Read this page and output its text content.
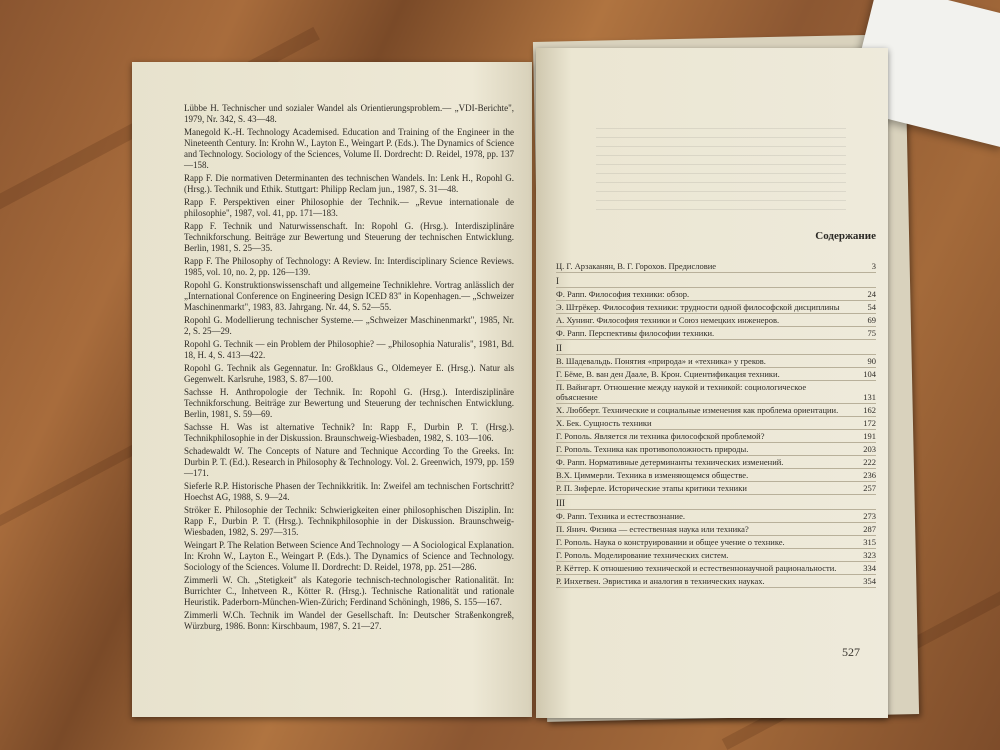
Lübbe H. Technischer und sozialer Wandel als Orientierungsproblem.— „VDI-Berichte", 1979, Nr. 342, S. 43—48.

Manegold K.-H. Technology Academised. Education and Training of the Engineer in the Nineteenth Century. In: Krohn W., Layton E., Weingart P. (Eds.). The Dynamics of Science and Technology. Sociology of the Sciences, Volume II. Dordrecht: D. Reidel, 1978, pp. 137—158.

Rapp F. Die normativen Determinanten des technischen Wandels. In: Lenk H., Ropohl G. (Hrsg.). Technik und Ethik. Stuttgart: Philipp Reclam jun., 1987, S. 31—48.

Rapp F. Perspektiven einer Philosophie der Technik.— „Revue internationale de philosophie", 1987, vol. 41, pp. 171—183.

Rapp F. Technik und Naturwissenschaft. In: Ropohl G. (Hrsg.). Interdisziplinäre Technikforschung. Beiträge zur Bewertung und Steuerung der technischen Entwicklung. Berlin, 1981, S. 25—35.

Rapp F. The Philosophy of Technology: A Review. In: Interdisciplinary Science Reviews. 1985, vol. 10, no. 2, pp. 126—139.

Ropohl G. Konstruktionswissenschaft und allgemeine Techniklehre. Vortrag anlässlich der „International Conference on Engineering Design ICED 83" in Kopenhagen.— „Schweizer Maschinenmarkt", 1983, 83. Jahrgang. Nr. 44, S. 52—55.

Ropohl G. Modellierung technischer Systeme.— „Schweizer Maschinenmarkt", 1985, Nr. 2, S. 25—29.

Ropohl G. Technik — ein Problem der Philosophie? — „Philosophia Naturalis", 1981, Bd. 18, H. 4, S. 413—422.

Ropohl G. Technik als Gegennatur. In: Großklaus G., Oldemeyer E. (Hrsg.). Natur als Gegenwelt. Karlsruhe, 1983, S. 87—100.

Sachsse H. Anthropologie der Technik. In: Ropohl G. (Hrsg.). Interdisziplinäre Technikforschung. Beiträge zur Bewertung und Steuerung der technischen Entwicklung. Berlin, 1981, S. 59—69.

Sachsse H. Was ist alternative Technik? In: Rapp F., Durbin P. T. (Hrsg.). Technikphilosophie in der Diskussion. Braunschweig-Wiesbaden, 1982, S. 103—106.

Schadewaldt W. The Concepts of Nature and Technique According To the Greeks. In: Durbin P. T. (Ed.). Research in Philosophy & Technology. Vol. 2. Greenwich, 1979, pp. 159—171.

Sieferle R.P. Historische Phasen der Technikkritik. In: Zweifel am technischen Fortschritt? Hoechst AG, 1988, S. 9—24.

Ströker E. Philosophie der Technik: Schwierigkeiten einer philosophischen Disziplin. In: Rapp F., Durbin P. T. (Hrsg.). Technikphilosophie in der Diskussion. Braunschweig-Wiesbaden, 1982, S. 297—315.

Weingart P. The Relation Between Science And Technology — A Sociological Explanation. In: Krohn W., Layton E., Weingart P. (Eds.). The Dynamics of Science and Technology. Sociology of the Sciences. Volume II. Dordrecht: D. Reidel, 1978, pp. 251—286.

Zimmerli W. Ch. „Stetigkeit" als Kategorie technisch-technologischer Rationalität. In: Burrichter C., Inhetveen R., Kötter R. (Hrsg.). Technische Rationalität und rationale Heuristik. Paderborn-München-Wien-Zürich; Ferdinand Schöningh, 1986, S. 155—167.

Zimmerli W.Ch. Technik im Wandel der Gesellschaft. In: Deutscher Straßenkongreß, Würzburg, 1986. Bonn: Kirschbaum, 1987, S. 21—27.

Содержание
Ц. Г. Арзаканян, В. Г. Горохов. Предисловие	3
I
Ф. Рапп. Философия техники: обзор.	24
Э. Штрёкер. Философия техники: трудности одной философской дисциплины	54
А. Хунинг. Философия техники и Союз немецких инженеров.	69
Ф. Рапп. Перспективы философии техники.	75
II
В. Шадевальдь. Понятия «природа» и «техника» у греков.	90
Г. Бёме, В. ван ден Даале, В. Крон. Сциентификация техники.	104
П. Вайнгарт. Отношение между наукой и техникой: социологическое объяснение	131
Х. Любберт. Технические и социальные изменения как проблема ориентации.	162
Х. Бек. Сущность техники	172
Г. Рополь. Является ли техника философской проблемой?	191
Г. Рополь. Техника как противоположность природы.	203
Ф. Рапп. Нормативные детерминанты технических изменений.	222
В.Х. Циммерли. Техника в изменяющемся обществе.	236
Р. П. Зиферле. Исторические этапы критики техники	257
III
Ф. Рапп. Техника и естествознание.	273
П. Янич. Физика — естественная наука или техника?	287
Г. Рополь. Наука о конструировании и общее учение о технике.	315
Г. Рополь. Моделирование технических систем.	323
Р. Кёттер. К отношению технической и естественнонаучной рациональности.	334
Р. Инхетвен. Эвристика и аналогия в технических науках.	354
527
